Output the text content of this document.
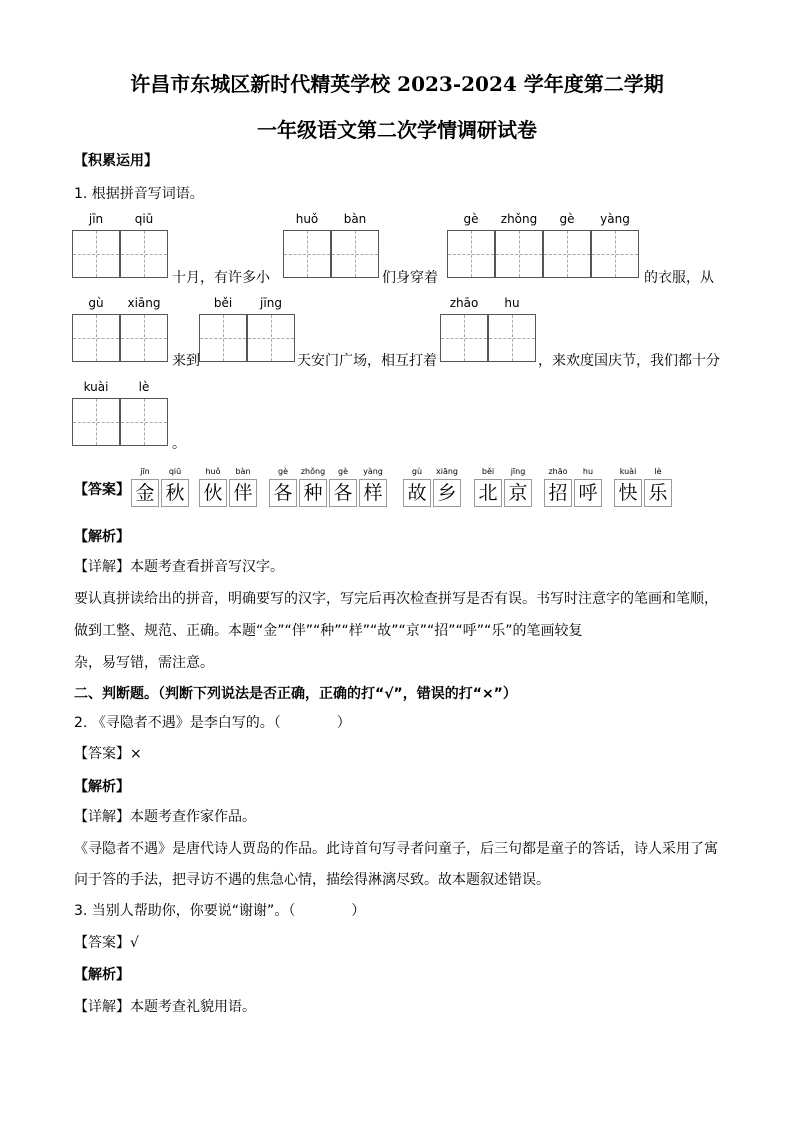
许昌市东城区新时代精英学校 2023-2024 学年度第二学期
一年级语文第二次学情调研试卷
【积累运用】
1. 根据拼音写词语。
jīn	qiū
十月，有许多小
huǒ	bàn
们身穿着
gè	zhǒng	gè	yàng
的衣服，从
gù	xiāng
来到
běi	jīng
天安门广场，相互打着
zhāo	hu
，来欢度国庆节，我们都十分
kuài	lè
。
【答案】
jīn	qiū
金 秋
huǒ	bàn
伙 伴
gè	zhǒng	gè	yàng
各 种 各 样
gù	xiāng
故 乡
běi	jīng
北 京
zhāo	hu
招 呼
kuài	lè
快 乐
【解析】
【详解】本题考查看拼音写汉字。
要认真拼读给出的拼音，明确要写的汉字，写完后再次检查拼写是否有误。书写时注意字的笔画和笔顺，
做到工整、规范、正确。本题“金”“伴”“种”“样”“故”“京”“招”“呼”“乐”的笔画较复
杂，易写错，需注意。
二、判断题。（判断下列说法是否正确，正确的打“√”，错误的打“×”）
2. 《寻隐者不遇》是李白写的。（　　　　）
【答案】×
【解析】
【详解】本题考查作家作品。
《寻隐者不遇》是唐代诗人贾岛的作品。此诗首句写寻者问童子，后三句都是童子的答话，诗人采用了寓
问于答的手法，把寻访不遇的焦急心情，描绘得淋漓尽致。故本题叙述错误。
3. 当别人帮助你，你要说“谢谢”。（　　　　）
【答案】√
【解析】
【详解】本题考查礼貌用语。
